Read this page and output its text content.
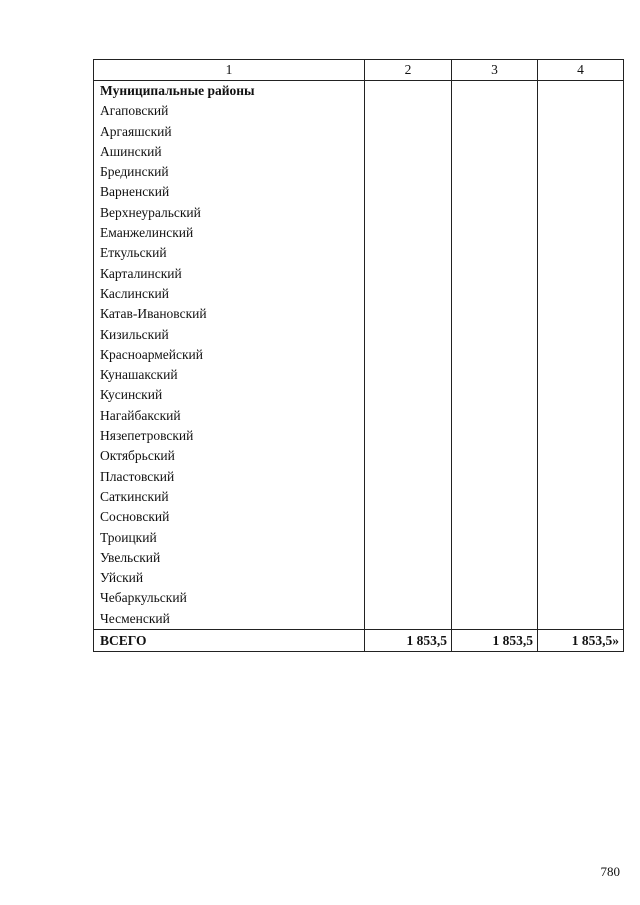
1	2	3	4
Муниципальные районы			
Агаповский			
Аргаяшский			
Ашинский			
Брединский			
Варненский			
Верхнеуральский			
Еманжелинский			
Еткульский			
Карталинский			
Каслинский			
Катав-Ивановский			
Кизильский			
Красноармейский			
Кунашакский			
Кусинский			
Нагайбакский			
Нязепетровский			
Октябрьский			
Пластовский			
Саткинский			
Сосновский			
Троицкий			
Увельский			
Уйский			
Чебаркульский			
Чесменский			
ВСЕГО	1 853,5	1 853,5	1 853,5»
780
